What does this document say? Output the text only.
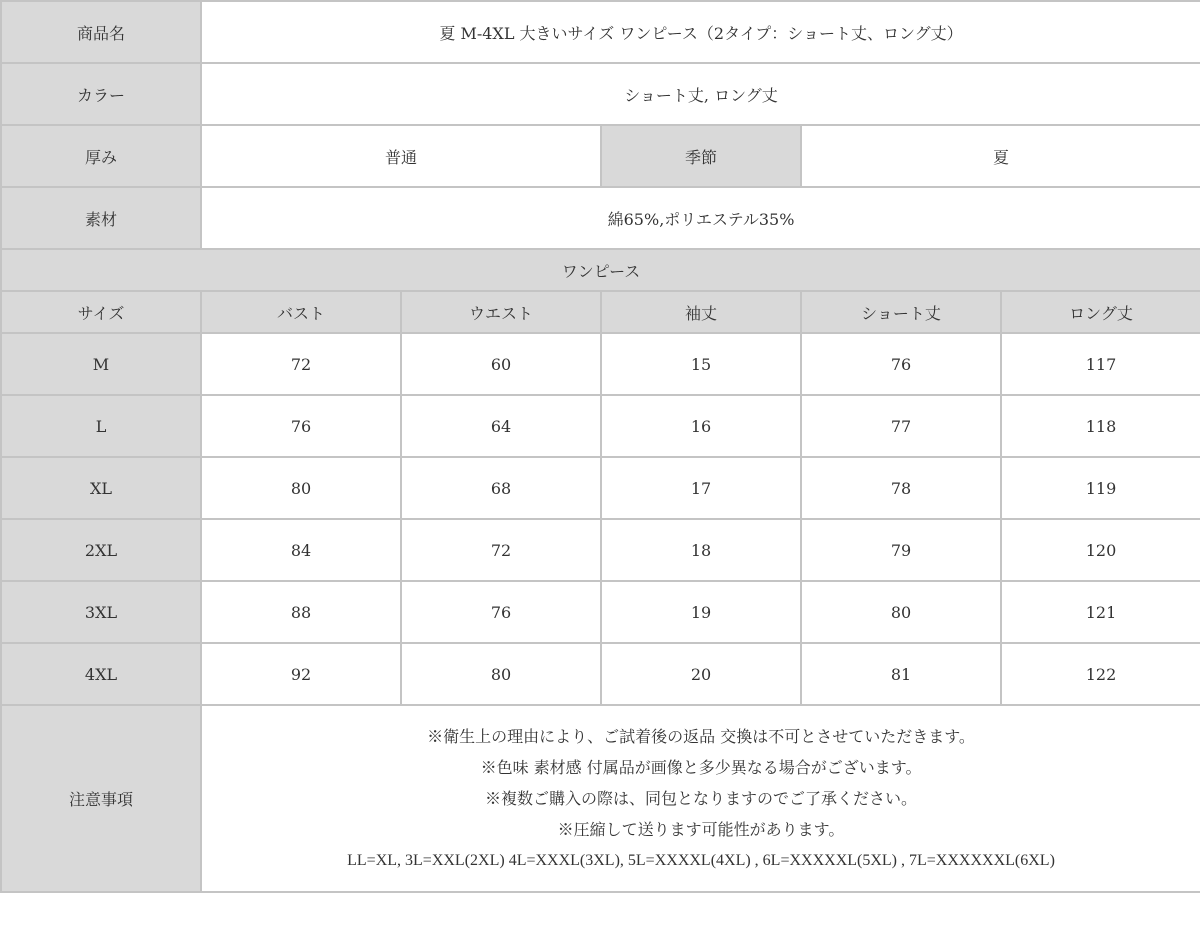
商品名	夏 M-4XL 大きいサイズ ワンピース（2タイプ：ショート丈、ロング丈）				
カラー	ショート丈, ロング丈				
厚み	普通		季節	夏	
素材	綿65%,ポリエステル35%				
ワンピース					
サイズ	バスト	ウエスト	袖丈	ショート丈	ロング丈
M	72	60	15	76	117
L	76	64	16	77	118
XL	80	68	17	78	119
2XL	84	72	18	79	120
3XL	88	76	19	80	121
4XL	92	80	20	81	122
注意事項	※衛生上の理由により、ご試着後の返品 交換は不可とさせていただきます。
※色味 素材感 付属品が画像と多少異なる場合がございます。
※複数ご購入の際は、同包となりますのでご了承ください。
※圧縮して送ります可能性があります。
LL=XL, 3L=XXL(2XL) 4L=XXXL(3XL), 5L=XXXXL(4XL) , 6L=XXXXXL(5XL) , 7L=XXXXXXL(6XL)				
